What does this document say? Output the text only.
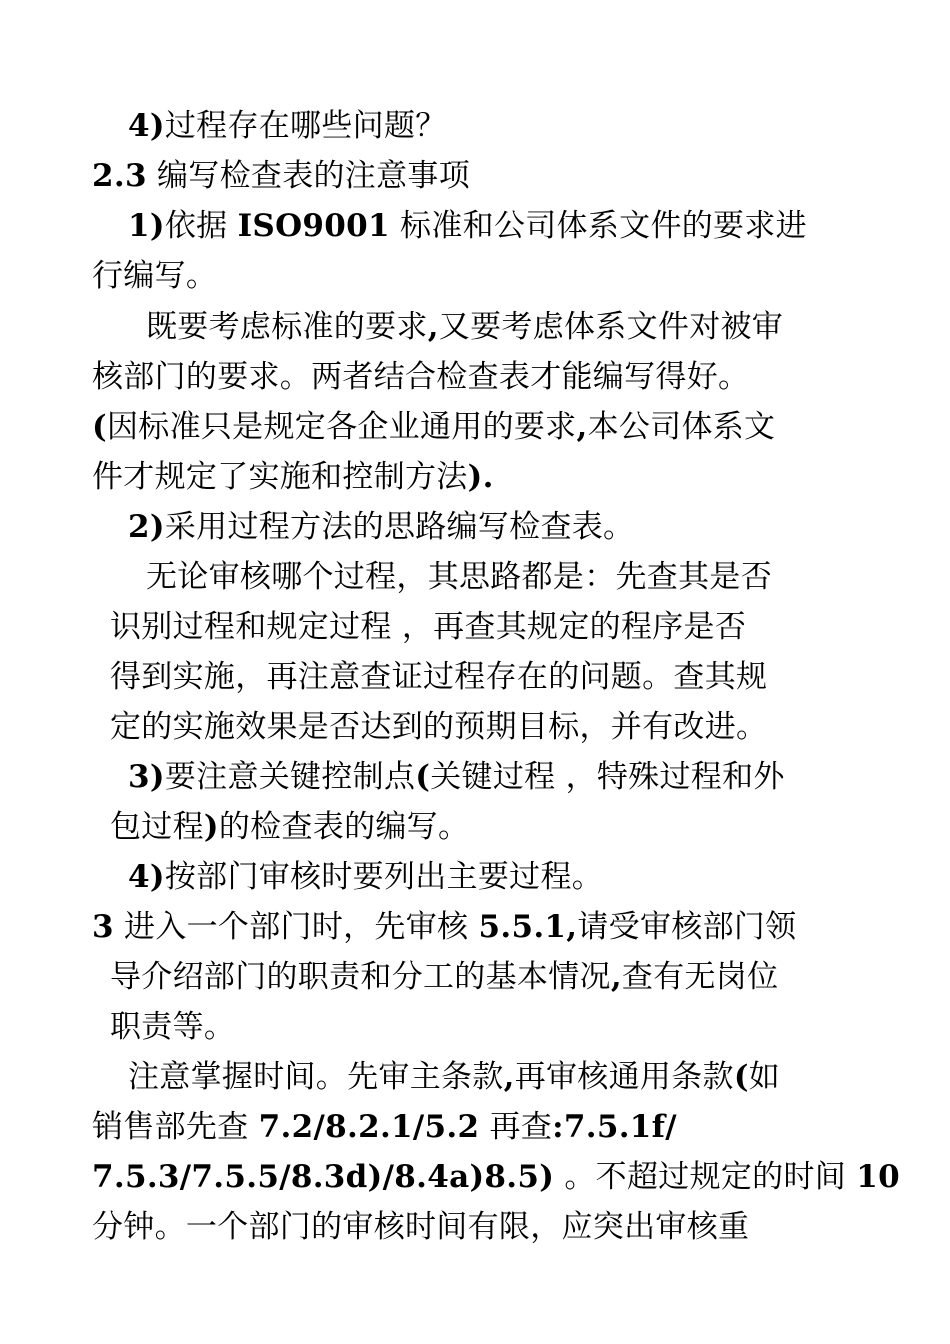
4)过程存在哪些问题？
2.3 编写检查表的注意事项
1)依据 ISO9001 标准和公司体系文件的要求进
行编写。
既要考虑标准的要求,又要考虑体系文件对被审
核部门的要求。两者结合检查表才能编写得好。
(因标准只是规定各企业通用的要求,本公司体系文
件才规定了实施和控制方法).
2)采用过程方法的思路编写检查表。
无论审核哪个过程，其思路都是：先查其是否
识别过程和规定过程 ，再查其规定的程序是否
得到实施，再注意查证过程存在的问题。查其规
定的实施效果是否达到的预期目标，并有改进。
3)要注意关键控制点(关键过程 ，特殊过程和外
包过程)的检查表的编写。
4)按部门审核时要列出主要过程。
3 进入一个部门时，先审核 5.5.1,请受审核部门领
导介绍部门的职责和分工的基本情况,查有无岗位
职责等。
注意掌握时间。先审主条款,再审核通用条款(如
销售部先查 7.2/8.2.1/5.2 再查:7.5.1f/
7.5.3/7.5.5/8.3d)/8.4a)8.5) 。不超过规定的时间 10
分钟。一个部门的审核时间有限，应突出审核重
